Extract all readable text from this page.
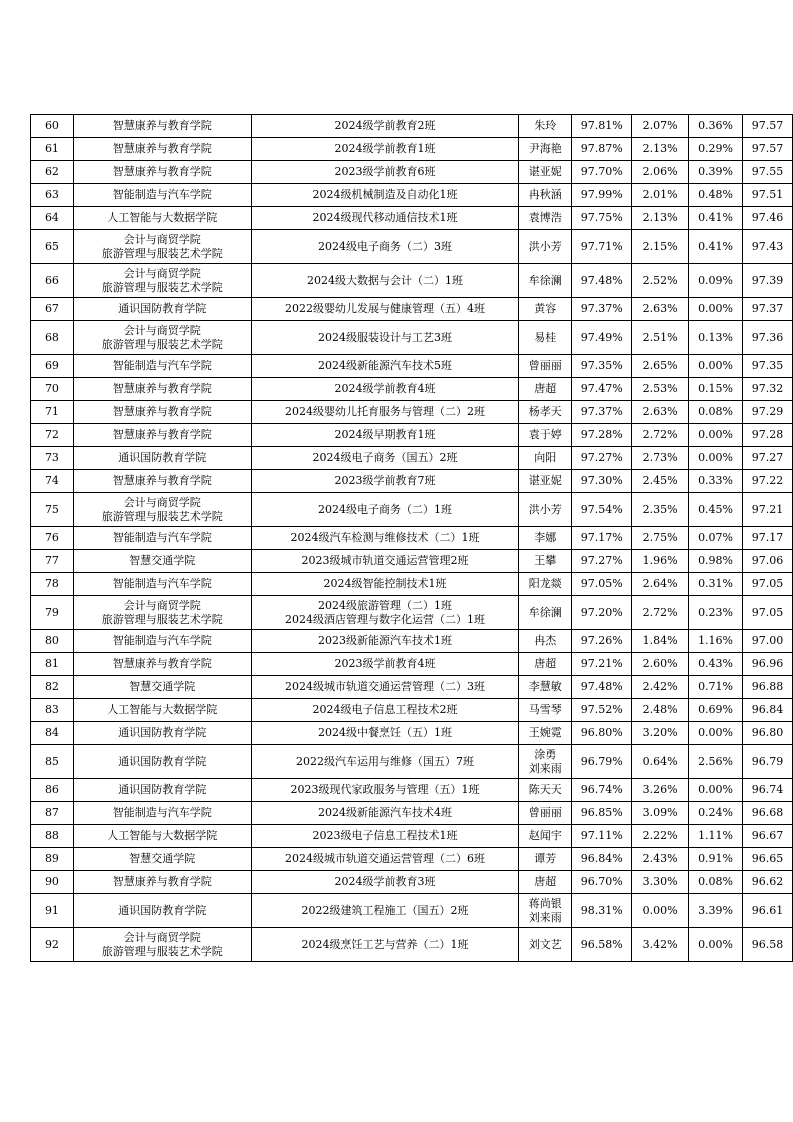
60	智慧康养与教育学院	2024级学前教育2班	朱玲	97.81%	2.07%	0.36%	97.57
61	智慧康养与教育学院	2024级学前教育1班	尹海艳	97.87%	2.13%	0.29%	97.57
62	智慧康养与教育学院	2023级学前教育6班	谌亚妮	97.70%	2.06%	0.39%	97.55
63	智能制造与汽车学院	2024级机械制造及自动化1班	冉秋涵	97.99%	2.01%	0.48%	97.51
64	人工智能与大数据学院	2024级现代移动通信技术1班	袁博浩	97.75%	2.13%	0.41%	97.46
65	会计与商贸学院
旅游管理与服装艺术学院	2024级电子商务（二）3班	洪小芳	97.71%	2.15%	0.41%	97.43
66	会计与商贸学院
旅游管理与服装艺术学院	2024级大数据与会计（二）1班	牟徐澜	97.48%	2.52%	0.09%	97.39
67	通识国防教育学院	2022级婴幼儿发展与健康管理（五）4班	黄容	97.37%	2.63%	0.00%	97.37
68	会计与商贸学院
旅游管理与服装艺术学院	2024级服装设计与工艺3班	易桂	97.49%	2.51%	0.13%	97.36
69	智能制造与汽车学院	2024级新能源汽车技术5班	曾丽丽	97.35%	2.65%	0.00%	97.35
70	智慧康养与教育学院	2024级学前教育4班	唐超	97.47%	2.53%	0.15%	97.32
71	智慧康养与教育学院	2024级婴幼儿托育服务与管理（二）2班	杨孝天	97.37%	2.63%	0.08%	97.29
72	智慧康养与教育学院	2024级早期教育1班	袁于婷	97.28%	2.72%	0.00%	97.28
73	通识国防教育学院	2024级电子商务（国五）2班	向阳	97.27%	2.73%	0.00%	97.27
74	智慧康养与教育学院	2023级学前教育7班	谌亚妮	97.30%	2.45%	0.33%	97.22
75	会计与商贸学院
旅游管理与服装艺术学院	2024级电子商务（二）1班	洪小芳	97.54%	2.35%	0.45%	97.21
76	智能制造与汽车学院	2024级汽车检测与维修技术（二）1班	李娜	97.17%	2.75%	0.07%	97.17
77	智慧交通学院	2023级城市轨道交通运营管理2班	王攀	97.27%	1.96%	0.98%	97.06
78	智能制造与汽车学院	2024级智能控制技术1班	阳龙燚	97.05%	2.64%	0.31%	97.05
79	会计与商贸学院
旅游管理与服装艺术学院	2024级旅游管理（二）1班
2024级酒店管理与数字化运营（二）1班	牟徐澜	97.20%	2.72%	0.23%	97.05
80	智能制造与汽车学院	2023级新能源汽车技术1班	冉杰	97.26%	1.84%	1.16%	97.00
81	智慧康养与教育学院	2023级学前教育4班	唐超	97.21%	2.60%	0.43%	96.96
82	智慧交通学院	2024级城市轨道交通运营管理（二）3班	李慧敏	97.48%	2.42%	0.71%	96.88
83	人工智能与大数据学院	2024级电子信息工程技术2班	马雪琴	97.52%	2.48%	0.69%	96.84
84	通识国防教育学院	2024级中餐烹饪（五）1班	王婉霓	96.80%	3.20%	0.00%	96.80
85	通识国防教育学院	2022级汽车运用与维修（国五）7班	涂勇
刘来雨	96.79%	0.64%	2.56%	96.79
86	通识国防教育学院	2023级现代家政服务与管理（五）1班	陈天天	96.74%	3.26%	0.00%	96.74
87	智能制造与汽车学院	2024级新能源汽车技术4班	曾丽丽	96.85%	3.09%	0.24%	96.68
88	人工智能与大数据学院	2023级电子信息工程技术1班	赵闻宇	97.11%	2.22%	1.11%	96.67
89	智慧交通学院	2024级城市轨道交通运营管理（二）6班	谭芳	96.84%	2.43%	0.91%	96.65
90	智慧康养与教育学院	2024级学前教育3班	唐超	96.70%	3.30%	0.08%	96.62
91	通识国防教育学院	2022级建筑工程施工（国五）2班	蒋尚银
刘来雨	98.31%	0.00%	3.39%	96.61
92	会计与商贸学院
旅游管理与服装艺术学院	2024级烹饪工艺与营养（二）1班	刘文艺	96.58%	3.42%	0.00%	96.58
